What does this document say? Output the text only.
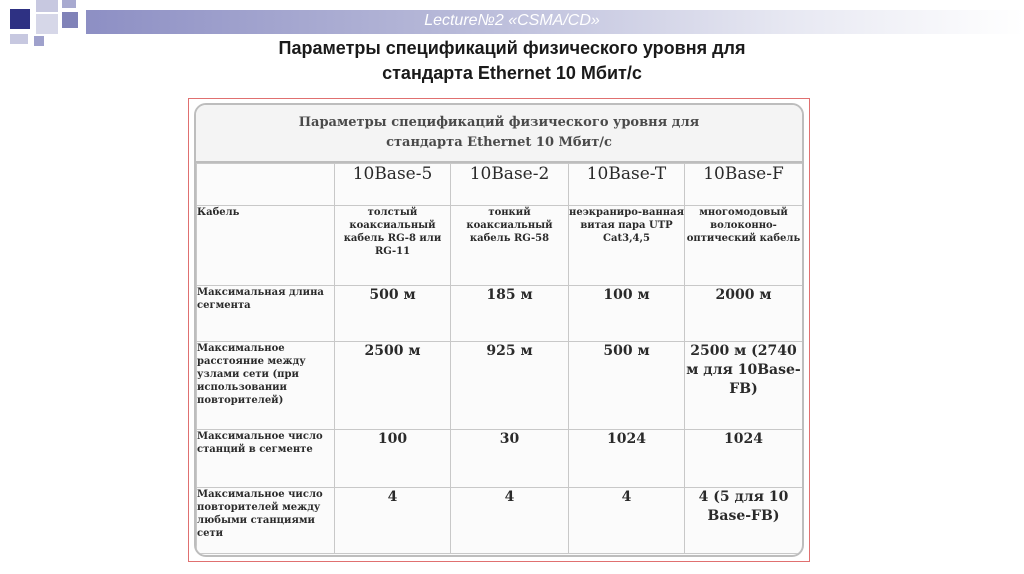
Lecture№2 «CSMA/CD»
Параметры спецификаций физического уровня для
стандарта Ethernet 10 Мбит/с
Параметры спецификаций физического уровня для
стандарта Ethernet 10 Мбит/с
	10Base-5	10Base-2	10Base-T	10Base-F
Кабель	толстый коаксиальный кабель RG-8 или RG-11	тонкий коаксиальный кабель RG-58	неэкраниро-ванная витая пара UTP Cat3,4,5	многомодовый волоконно-оптический кабель
Максимальная длина сегмента	500 м	185 м	100 м	2000 м
Максимальное расстояние между узлами сети (при использовании повторителей)	2500 м	925 м	500 м	2500 м (2740 м для 10Base-FB)
Максимальное число станций в сегменте	100	30	1024	1024
Максимальное число повторителей между любыми станциями сети	4	4	4	4 (5 для 10 Base-FB)
